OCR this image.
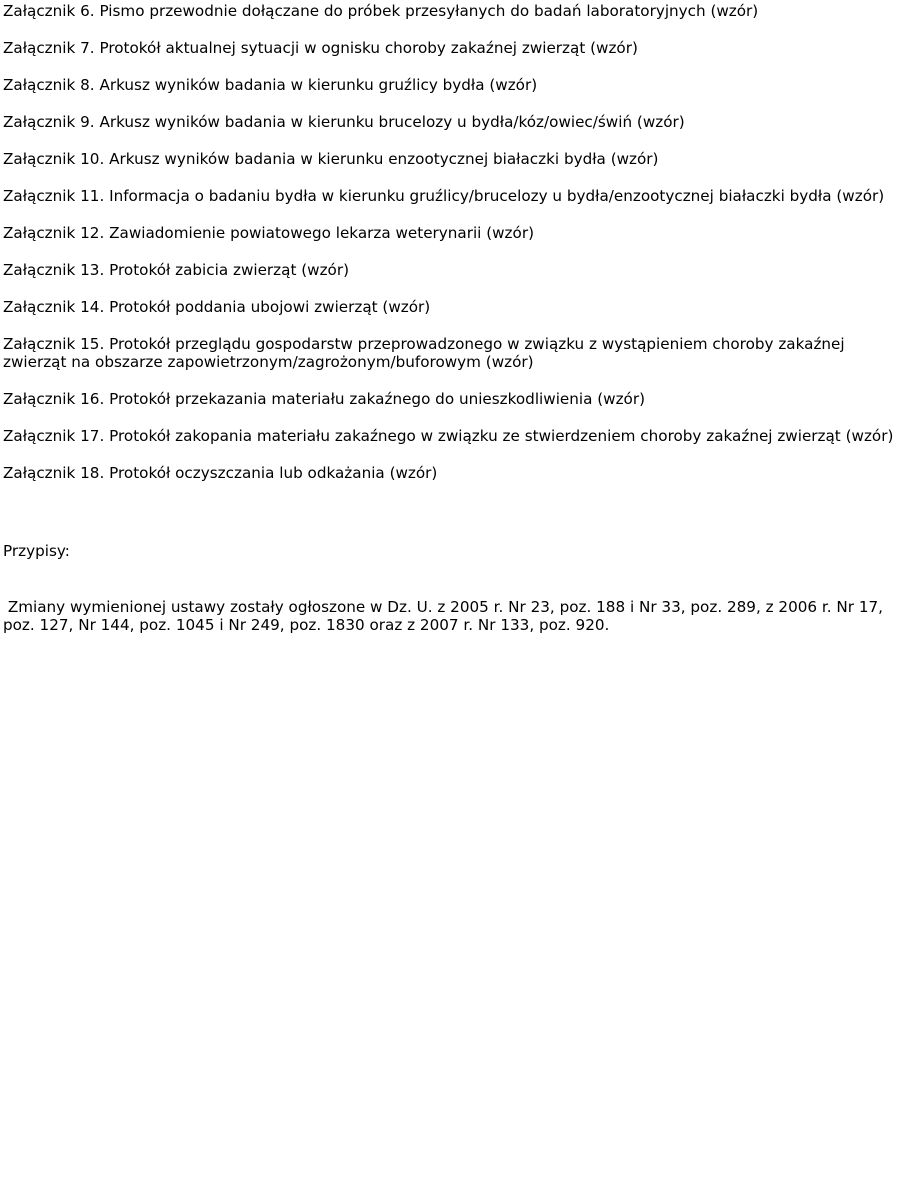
Załącznik 6. Pismo przewodnie dołączane do próbek przesyłanych do badań laboratoryjnych (wzór)
Załącznik 7. Protokół aktualnej sytuacji w ognisku choroby zakaźnej zwierząt (wzór)
Załącznik 8. Arkusz wyników badania w kierunku gruźlicy bydła (wzór)
Załącznik 9. Arkusz wyników badania w kierunku brucelozy u bydła/kóz/owiec/świń (wzór)
Załącznik 10. Arkusz wyników badania w kierunku enzootycznej białaczki bydła (wzór)
Załącznik 11. Informacja o badaniu bydła w kierunku gruźlicy/brucelozy u bydła/enzootycznej białaczki bydła (wzór)
Załącznik 12. Zawiadomienie powiatowego lekarza weterynarii (wzór)
Załącznik 13. Protokół zabicia zwierząt (wzór)
Załącznik 14. Protokół poddania ubojowi zwierząt (wzór)
Załącznik 15. Protokół przeglądu gospodarstw przeprowadzonego w związku z wystąpieniem choroby zakaźnej zwierząt na obszarze zapowietrzonym/zagrożonym/buforowym (wzór)
Załącznik 16. Protokół przekazania materiału zakaźnego do unieszkodliwienia (wzór)
Załącznik 17. Protokół zakopania materiału zakaźnego w związku ze stwierdzeniem choroby zakaźnej zwierząt (wzór)
Załącznik 18. Protokół oczyszczania lub odkażania (wzór)
Przypisy:
Zmiany wymienionej ustawy zostały ogłoszone w Dz. U. z 2005 r. Nr 23, poz. 188 i Nr 33, poz. 289, z 2006 r. Nr 17, poz. 127, Nr 144, poz. 1045 i Nr 249, poz. 1830 oraz z 2007 r. Nr 133, poz. 920.
